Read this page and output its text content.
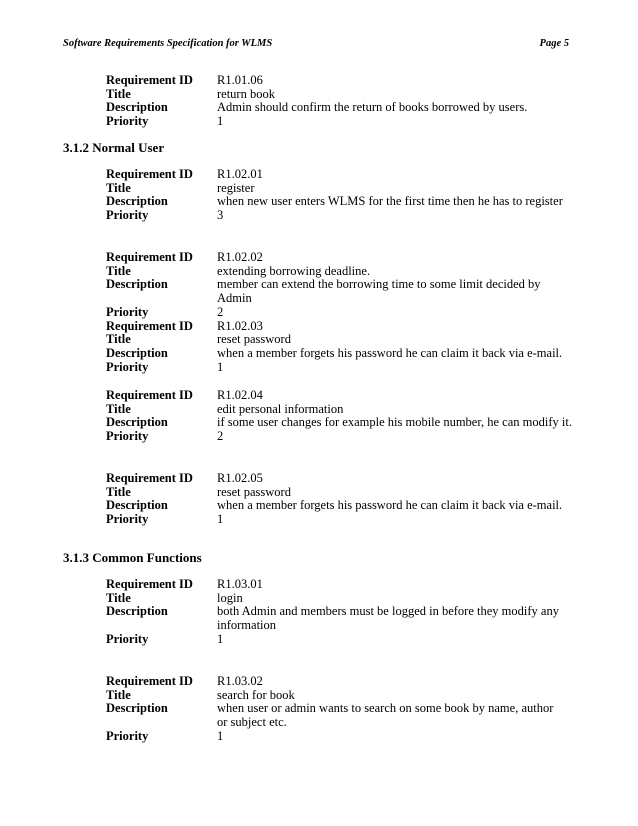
Software Requirements Specification for WLMS	Page 5
Requirement ID	R1.01.06
Title	return book
Description	Admin should confirm the return of books borrowed by users.
Priority	1
3.1.2 Normal User
Requirement ID	R1.02.01
Title	register
Description	when new user enters WLMS for the first time then he has to register
Priority	3
Requirement ID	R1.02.02
Title	extending borrowing deadline.
Description	member can extend the borrowing time to some limit decided by Admin
Priority	2
Requirement ID	R1.02.03
Title	reset password
Description	when a member forgets his password he can claim it back via e-mail.
Priority	1
Requirement ID	R1.02.04
Title	edit personal information
Description	if some user changes for example his mobile number, he can modify it.
Priority	2
Requirement ID	R1.02.05
Title	reset password
Description	when a member forgets his password he can claim it back via e-mail.
Priority	1
3.1.3 Common Functions
Requirement ID	R1.03.01
Title	login
Description	both Admin and members must be logged in before they modify any information
Priority	1
Requirement ID	R1.03.02
Title	search for book
Description	when user or admin wants to search on some book by name, author or subject etc.
Priority	1
